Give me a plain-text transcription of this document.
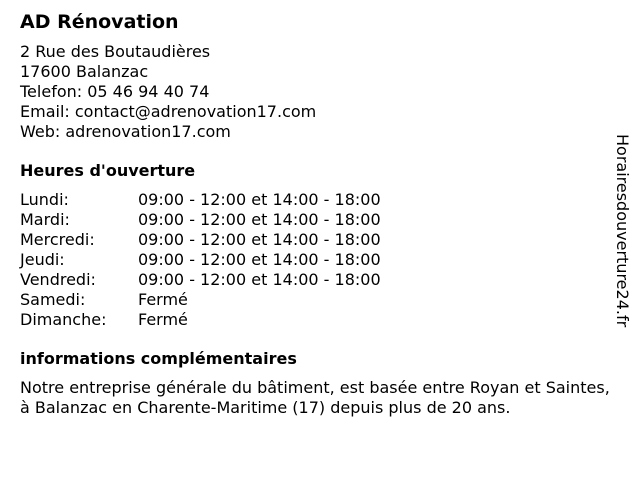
AD Rénovation
2 Rue des Boutaudières
17600 Balanzac
Telefon: 05 46 94 40 74
Email: contact@adrenovation17.com
Web: adrenovation17.com
Heures d'ouverture
Lundi:	09:00 - 12:00 et 14:00 - 18:00
Mardi:	09:00 - 12:00 et 14:00 - 18:00
Mercredi:	09:00 - 12:00 et 14:00 - 18:00
Jeudi:	09:00 - 12:00 et 14:00 - 18:00
Vendredi:	09:00 - 12:00 et 14:00 - 18:00
Samedi:	Fermé
Dimanche:	Fermé
informations complémentaires
Notre entreprise générale du bâtiment, est basée entre Royan et Saintes, à Balanzac en Charente-Maritime (17) depuis plus de 20 ans.
Horairesdouverture24.fr
